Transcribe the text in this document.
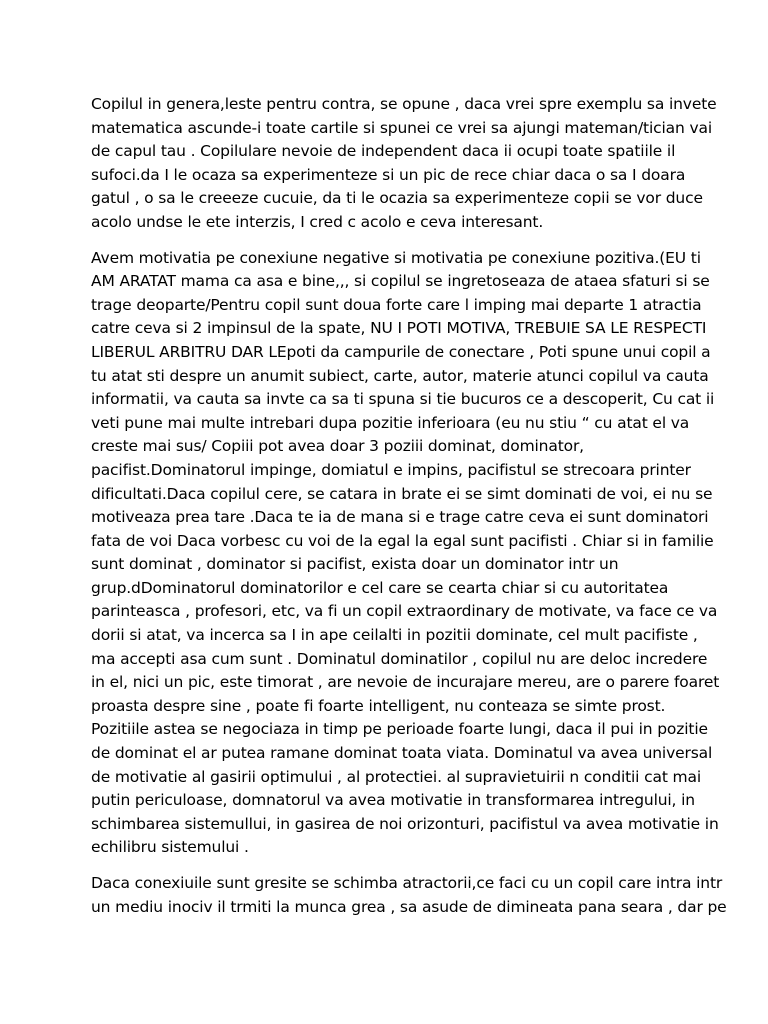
Copilul in genera,leste pentru contra, se opune , daca vrei spre exemplu sa invete
matematica ascunde-i toate cartile si spunei ce vrei sa ajungi mateman/tician vai
de capul tau . Copilulare nevoie de independent daca ii ocupi toate spatiile il
sufoci.da I le ocaza sa experimenteze si un pic de rece chiar daca o sa I doara
gatul , o sa le creeeze cucuie, da ti le ocazia sa experimenteze copii se vor duce
acolo undse le ete interzis, I cred c acolo e ceva interesant.

Avem motivatia pe conexiune negative si motivatia pe conexiune pozitiva.(EU ti
AM ARATAT mama ca asa e bine,,, si copilul se ingretoseaza de ataea sfaturi si se
trage deoparte/Pentru copil sunt doua forte care l imping mai departe 1 atractia
catre ceva si 2 impinsul de la spate, NU I POTI MOTIVA, TREBUIE SA LE RESPECTI
LIBERUL ARBITRU DAR LEpoti da campurile de conectare , Poti spune unui copil a
tu atat sti despre un anumit subiect, carte, autor, materie atunci copilul va cauta
informatii, va cauta sa invte ca sa ti spuna si tie bucuros ce a descoperit, Cu cat ii
veti pune mai multe intrebari dupa pozitie inferioara (eu nu stiu “ cu atat el va
creste mai sus/ Copiii pot avea doar 3 poziii dominat, dominator,
pacifist.Dominatorul impinge, domiatul e impins, pacifistul se strecoara printer
dificultati.Daca copilul cere, se catara in brate ei se simt dominati de voi, ei nu se
motiveaza prea tare .Daca te ia de mana si e trage catre ceva ei sunt dominatori
fata de voi Daca vorbesc cu voi de la egal la egal sunt pacifisti . Chiar si in familie
sunt dominat , dominator si pacifist, exista doar un dominator intr un
grup.dDominatorul dominatorilor e cel care se cearta chiar si cu autoritatea
parinteasca , profesori, etc, va fi un copil extraordinary de motivate, va face ce va
dorii si atat, va incerca sa I in ape ceilalti in pozitii dominate, cel mult pacifiste ,
ma accepti asa cum sunt . Dominatul dominatilor , copilul nu are deloc incredere
in el, nici un pic, este timorat , are nevoie de incurajare mereu, are o parere foaret
proasta despre sine , poate fi foarte intelligent, nu conteaza se simte prost.
Pozitiile astea se negociaza in timp pe perioade foarte lungi, daca il pui in pozitie
de dominat el ar putea ramane dominat toata viata. Dominatul va avea universal
de motivatie al gasirii optimului , al protectiei. al supravietuirii n conditii cat mai
putin periculoase, domnatorul va avea motivatie in transformarea intregului, in
schimbarea sistemullui, in gasirea de noi orizonturi, pacifistul va avea motivatie in
echilibru sistemului .

Daca conexiuile sunt gresite se schimba atractorii,ce faci cu un copil care intra intr
un mediu inociv il trmiti la munca grea , sa asude de dimineata pana seara , dar pe
